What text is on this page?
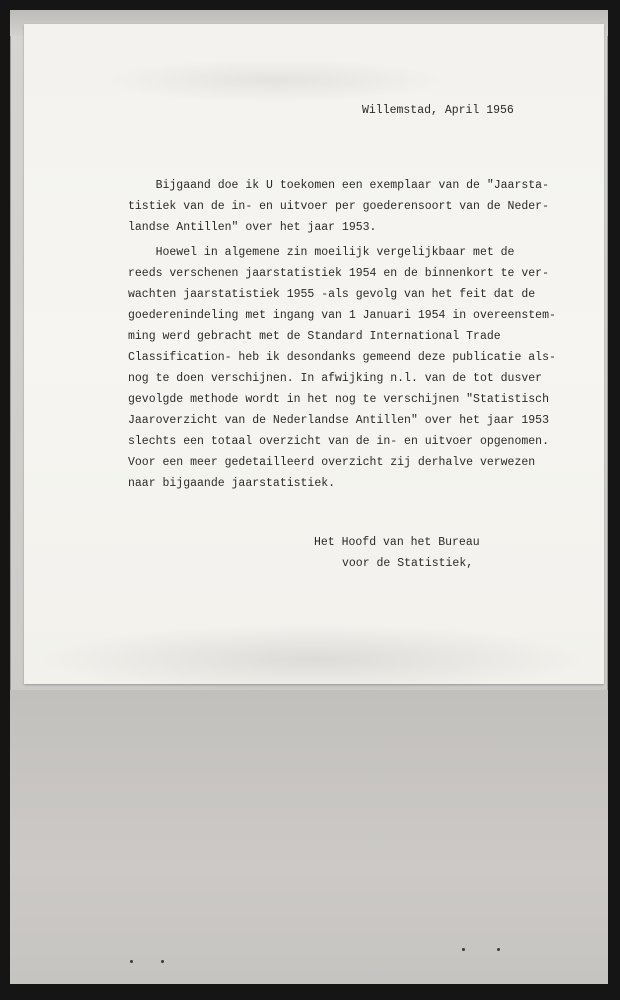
Willemstad, April 1956
Bijgaand doe ik U toekomen een exemplaar van de "Jaarsta-
tistiek van de in- en uitvoer per goederensoort van de Neder-
landse Antillen" over het jaar 1953.
Hoewel in algemene zin moeilijk vergelijkbaar met de
reeds verschenen jaarstatistiek 1954 en de binnenkort te ver-
wachten jaarstatistiek 1955 -als gevolg van het feit dat de
goederenindeling met ingang van 1 Januari 1954 in overeenstem-
ming werd gebracht met de Standard International Trade
Classification- heb ik desondanks gemeend deze publicatie als-
nog te doen verschijnen. In afwijking n.l. van de tot dusver
gevolgde methode wordt in het nog te verschijnen "Statistisch
Jaaroverzicht van de Nederlandse Antillen" over het jaar 1953
slechts een totaal overzicht van de in- en uitvoer opgenomen.
Voor een meer gedetailleerd overzicht zij derhalve verwezen
naar bijgaande jaarstatistiek.
Het Hoofd van het Bureau
voor de Statistiek,
